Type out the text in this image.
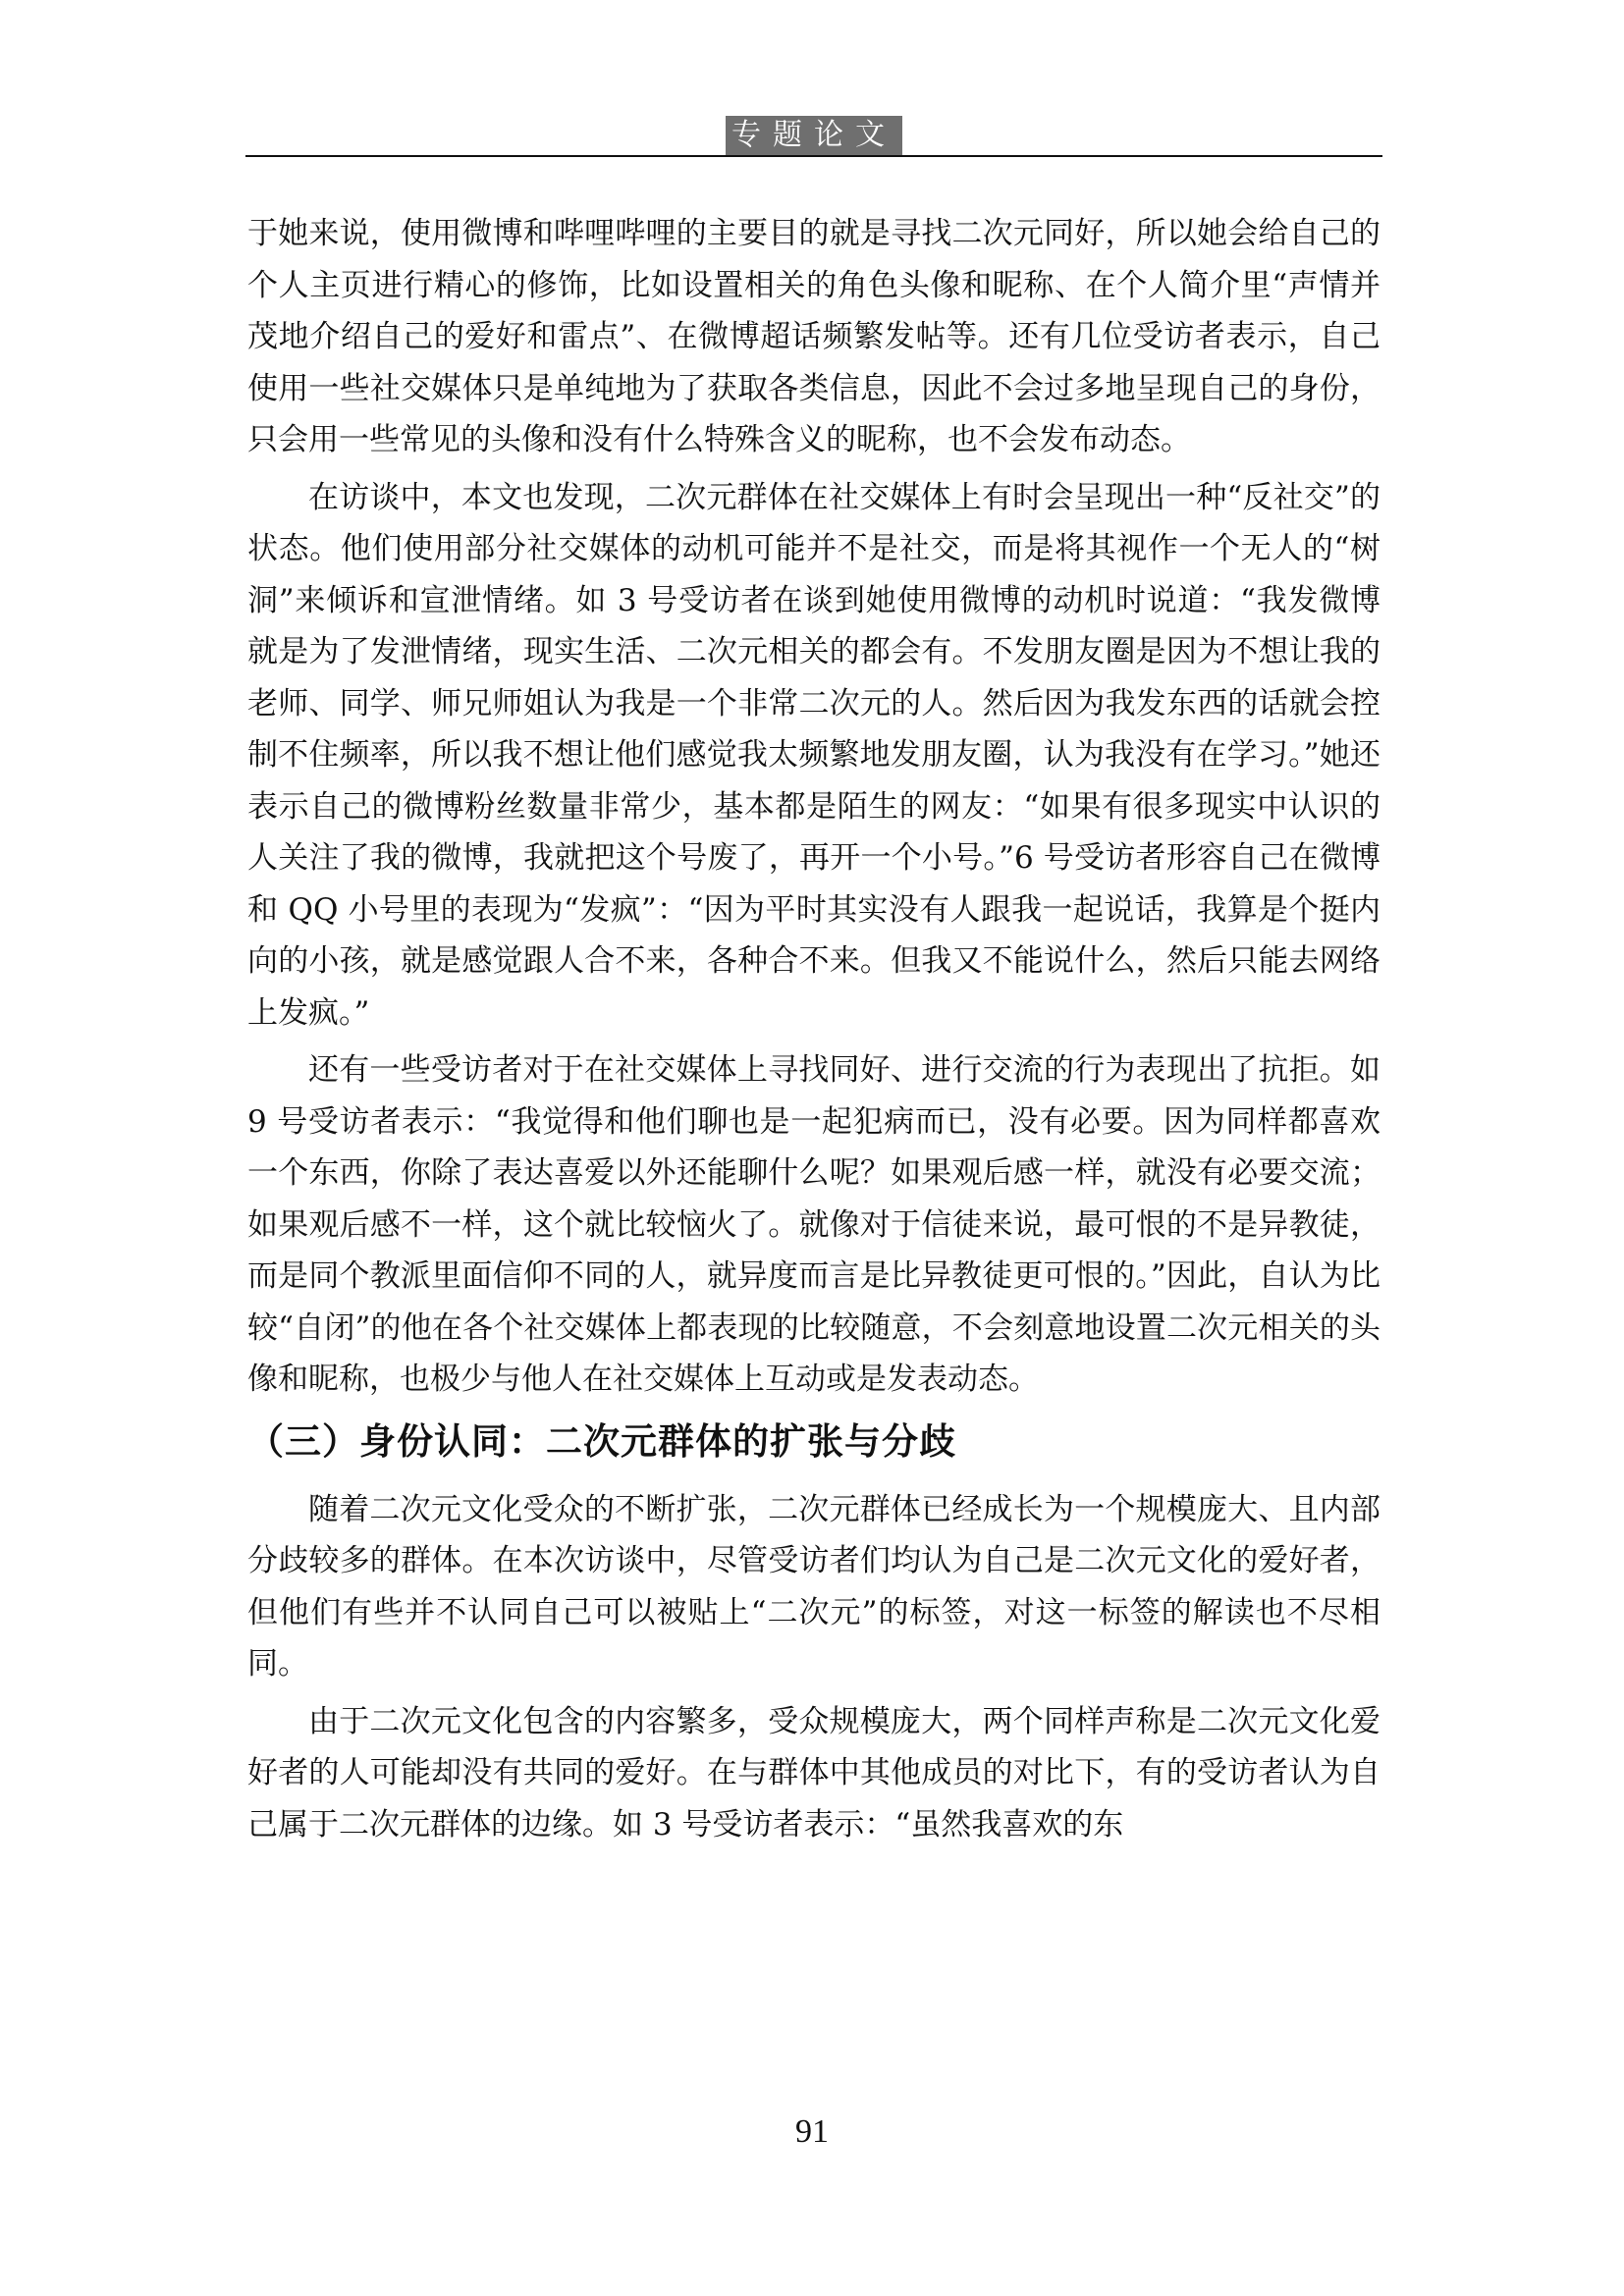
专题论文

于她来说，使用微博和哔哩哔哩的主要目的就是寻找二次元同好，所以她会给自己的个人主页进行精心的修饰，比如设置相关的角色头像和昵称、在个人简介里“声情并茂地介绍自己的爱好和雷点”、在微博超话频繁发帖等。还有几位受访者表示，自己使用一些社交媒体只是单纯地为了获取各类信息，因此不会过多地呈现自己的身份，只会用一些常见的头像和没有什么特殊含义的昵称，也不会发布动态。

在访谈中，本文也发现，二次元群体在社交媒体上有时会呈现出一种“反社交”的状态。他们使用部分社交媒体的动机可能并不是社交，而是将其视作一个无人的“树洞”来倾诉和宣泄情绪。如 3 号受访者在谈到她使用微博的动机时说道：“我发微博就是为了发泄情绪，现实生活、二次元相关的都会有。不发朋友圈是因为不想让我的老师、同学、师兄师姐认为我是一个非常二次元的人。然后因为我发东西的话就会控制不住频率，所以我不想让他们感觉我太频繁地发朋友圈，认为我没有在学习。”她还表示自己的微博粉丝数量非常少，基本都是陌生的网友：“如果有很多现实中认识的人关注了我的微博，我就把这个号废了，再开一个小号。”6 号受访者形容自己在微博和 QQ 小号里的表现为“发疯”：“因为平时其实没有人跟我一起说话，我算是个挺内向的小孩，就是感觉跟人合不来，各种合不来。但我又不能说什么，然后只能去网络上发疯。”

还有一些受访者对于在社交媒体上寻找同好、进行交流的行为表现出了抗拒。如 9 号受访者表示：“我觉得和他们聊也是一起犯病而已，没有必要。因为同样都喜欢一个东西，你除了表达喜爱以外还能聊什么呢？如果观后感一样，就没有必要交流；如果观后感不一样，这个就比较恼火了。就像对于信徒来说，最可恨的不是异教徒，而是同个教派里面信仰不同的人，就异度而言是比异教徒更可恨的。”因此，自认为比较“自闭”的他在各个社交媒体上都表现的比较随意，不会刻意地设置二次元相关的头像和昵称，也极少与他人在社交媒体上互动或是发表动态。

（三）身份认同：二次元群体的扩张与分歧

随着二次元文化受众的不断扩张，二次元群体已经成长为一个规模庞大、且内部分歧较多的群体。在本次访谈中，尽管受访者们均认为自己是二次元文化的爱好者，但他们有些并不认同自己可以被贴上“二次元”的标签，对这一标签的解读也不尽相同。

由于二次元文化包含的内容繁多，受众规模庞大，两个同样声称是二次元文化爱好者的人可能却没有共同的爱好。在与群体中其他成员的对比下，有的受访者认为自己属于二次元群体的边缘。如 3 号受访者表示：“虽然我喜欢的东

91
